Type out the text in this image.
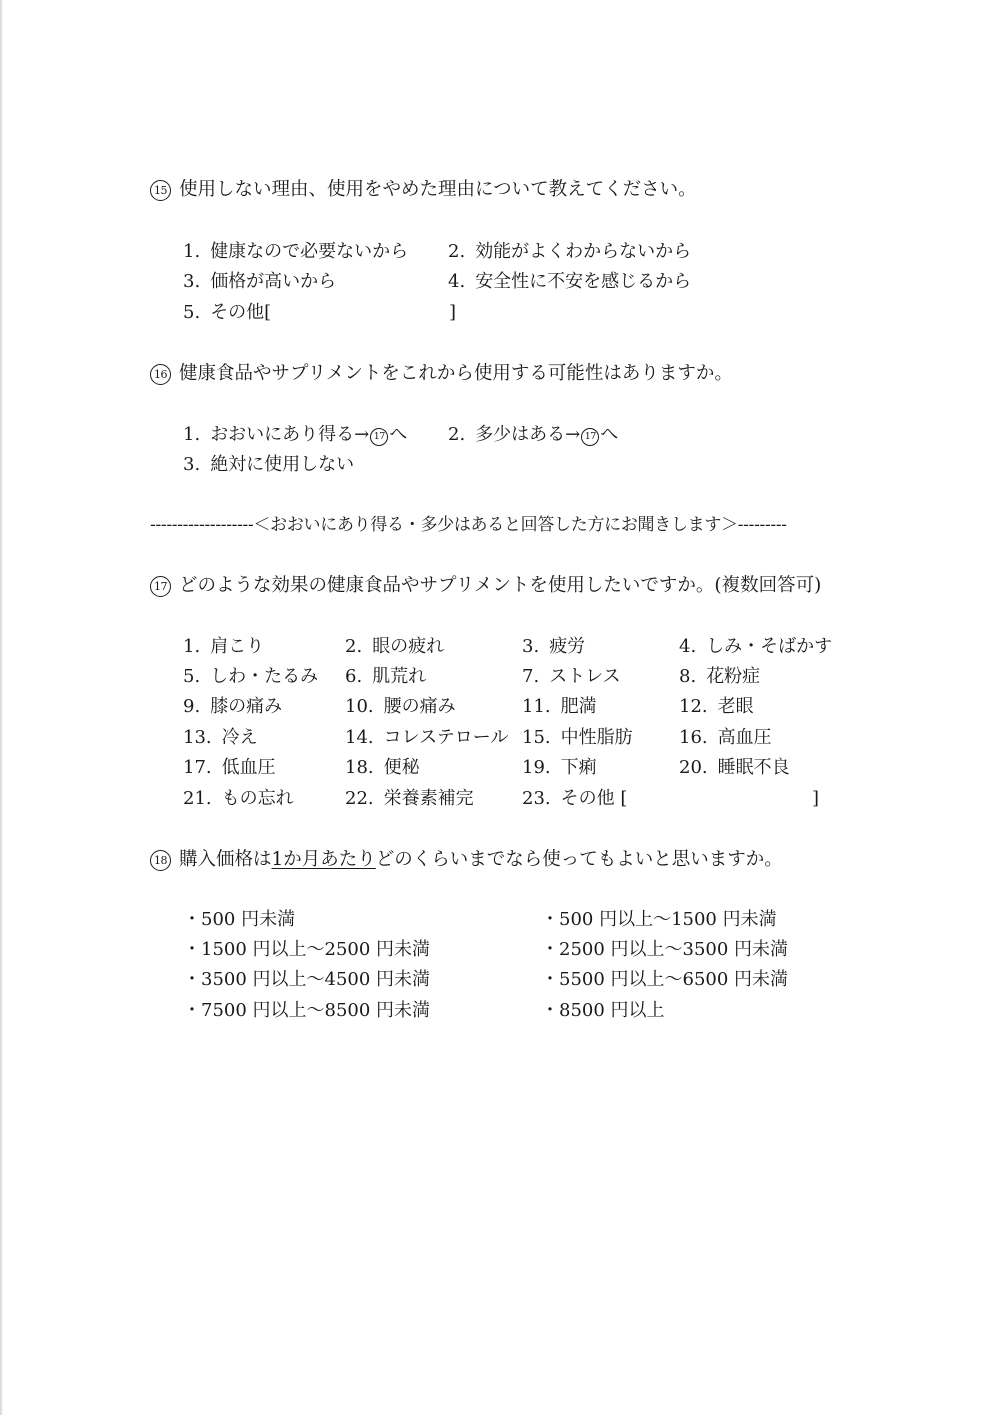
15 使用しない理由、使用をやめた理由について教えてください。
1. 健康なので必要ないから 2. 効能がよくわからないから
3. 価格が高いから	4. 安全性に不安を感じるから
5. その他[	]
16 健康食品やサプリメントをこれから使用する可能性はありますか。
1. おおいにあり得る→ 17 へ 2. 多少はある→ 17 へ
3. 絶対に使用しない
-------------------＜おおいにあり得る・多少はあると回答した方にお聞きします＞---------
17 どのような効果の健康食品やサプリメントを使用したいですか。(複数回答可)
1. 肩こり	2. 眼の疲れ	3. 疲労	4. しみ・そばかす
5. しわ・たるみ 6. 肌荒れ	7. ストレス	8. 花粉症
9. 膝の痛み	10. 腰の痛み	11. 肥満	12. 老眼
13. 冷え	14. コレステロール 15. 中性脂肪	16. 高血圧
17. 低血圧	18. 便秘	19. 下痢	20. 睡眠不良
21. もの忘れ	22. 栄養素補完	23. その他 [	]
18 購入価格は1か月あたりどのくらいまでなら使ってもよいと思いますか。
・500 円未満	・500 円以上～1500 円未満
・1500 円以上～2500 円未満	・2500 円以上～3500 円未満
・3500 円以上～4500 円未満	・5500 円以上～6500 円未満
・7500 円以上～8500 円未満	・8500 円以上
